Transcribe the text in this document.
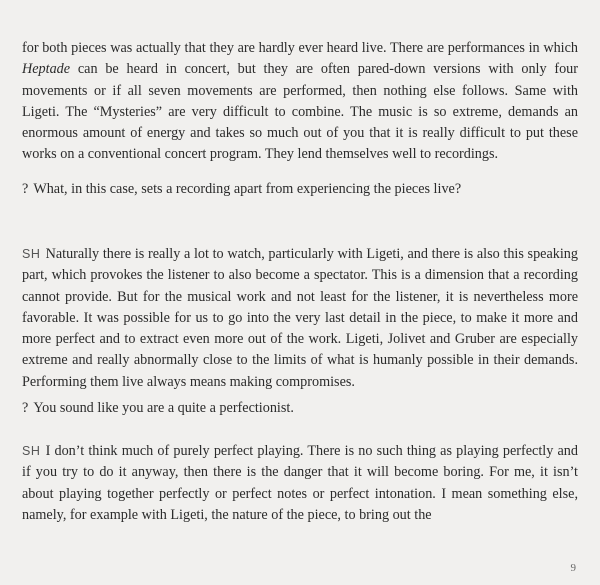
for both pieces was actually that they are hardly ever heard live. There are performances in which Heptade can be heard in concert, but they are often pared-down versions with only four movements or if all seven movements are performed, then nothing else follows. Same with Ligeti. The “Mysteries” are very difficult to combine. The music is so extreme, demands an enormous amount of energy and takes so much out of you that it is really difficult to put these works on a conventional concert program. They lend themselves well to recordings.

? What, in this case, sets a recording apart from experiencing the pieces live?

SH Naturally there is really a lot to watch, particularly with Ligeti, and there is also this speaking part, which provokes the listener to also become a spectator. This is a dimension that a recording cannot provide. But for the musical work and not least for the listener, it is nevertheless more favorable. It was possible for us to go into the very last detail in the piece, to make it more and more perfect and to extract even more out of the work. Ligeti, Jolivet and Gruber are especially extreme and really abnormally close to the limits of what is humanly possible in their demands. Performing them live always means making compromises.

? You sound like you are a quite a perfectionist.

SH I don’t think much of purely perfect playing. There is no such thing as playing perfectly and if you try to do it anyway, then there is the danger that it will become boring. For me, it isn’t about playing together perfectly or perfect notes or perfect intonation. I mean something else, namely, for example with Ligeti, the nature of the piece, to bring out the

9
